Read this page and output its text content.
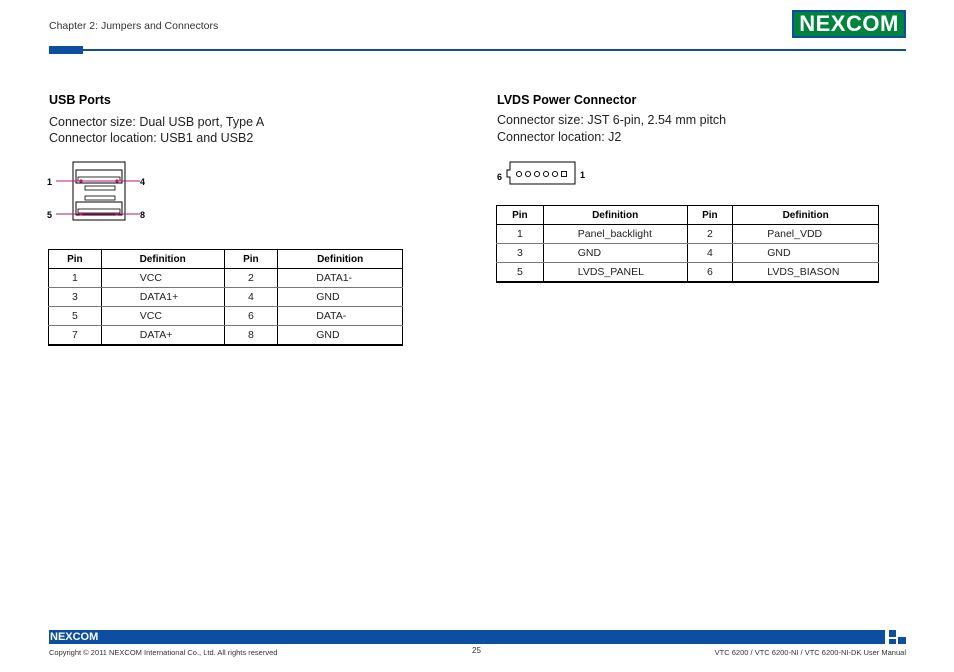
Chapter 2: Jumpers and Connectors	NEXCOM
USB Ports
Connector size: Dual USB port, Type A
Connector location: USB1 and USB2
1	4
5	8
Pin	Definition	Pin	Definition
1	VCC	2	DATA1-
3	DATA1+	4	GND
5	VCC	6	DATA-
7	DATA+	8	GND
LVDS Power Connector
Connector size: JST 6-pin, 2.54 mm pitch
Connector location: J2
6	1
Pin	Definition	Pin	Definition
1	Panel_backlight	2	Panel_VDD
3	GND	4	GND
5	LVDS_PANEL	6	LVDS_BIASON
NEXCOM
Copyright © 2011 NEXCOM International Co., Ltd. All rights reserved	25	VTC 6200 / VTC 6200-NI / VTC 6200-NI-DK User Manual
